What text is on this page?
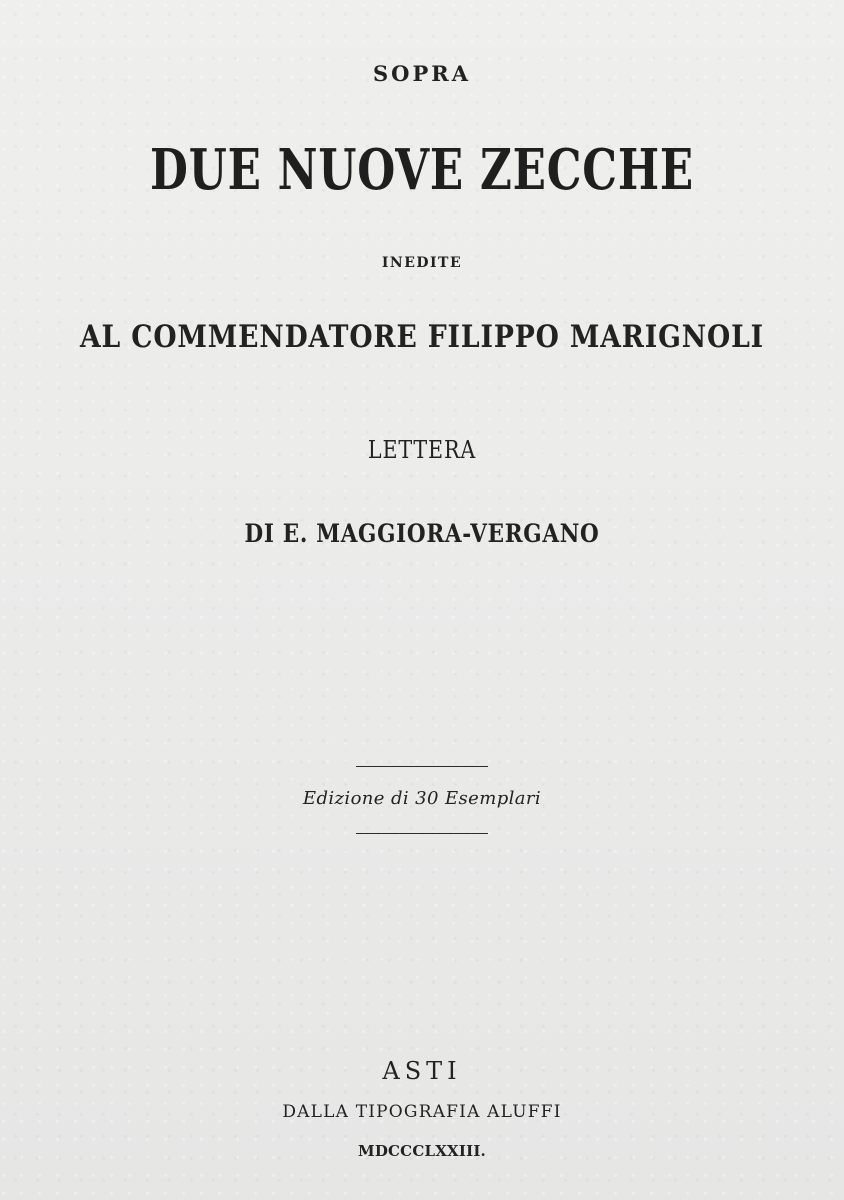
SOPRA
DUE NUOVE ZECCHE
INEDITE
AL COMMENDATORE FILIPPO MARIGNOLI
LETTERA
DI E. MAGGIORA-VERGANO
Edizione di 30 Esemplari
ASTI
DALLA TIPOGRAFIA ALUFFI
MDCCCLXXIII.
